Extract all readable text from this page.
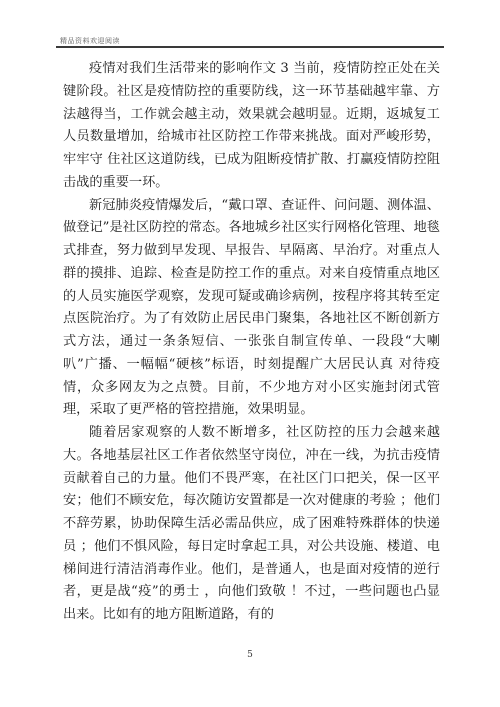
精品资料欢迎阅读

疫情对我们生活带来的影响作文 3 当前，疫情防控正处在关键阶段。社区是疫情防控的重要防线，这一环节基础越牢靠、方法越得当，工作就会越主动，效果就会越明显。近期，返城复工人员数量增加，给城市社区防控工作带来挑战。面对严峻形势，牢牢守 住社区这道防线，已成为阻断疫情扩散、打赢疫情防控阻击战的重要一环。

新冠肺炎疫情爆发后，“戴口罩、查证件、问问题、测体温、做登记”是社区防控的常态。各地城乡社区实行网格化管理、地毯式排查，努力做到早发现、早报告、早隔离、早治疗。对重点人群的摸排、追踪、检查是防控工作的重点。对来自疫情重点地区的人员实施医学观察，发现可疑或确诊病例，按程序将其转至定点医院治疗。为了有效防止居民串门聚集，各地社区不断创新方式方法，通过一条条短信、一张张自制宣传单、一段段“大喇叭”广播、一幅幅“硬核”标语，时刻提醒广大居民认真 对待疫情，众多网友为之点赞。目前，不少地方对小区实施封闭式管理，采取了更严格的管控措施，效果明显。

随着居家观察的人数不断增多，社区防控的压力会越来越大。各地基层社区工作者依然坚守岗位，冲在一线，为抗击疫情贡献着自己的力量。他们不畏严寒，在社区门口把关，保一区平安；他们不顾安危，每次随访安置都是一次对健康的考验 ；他们不辞劳累，协助保障生活必需品供应，成了困难特殊群体的快递员 ；他们不惧风险，每日定时拿起工具，对公共设施、楼道、电梯间进行清洁消毒作业。他们，是普通人，也是面对疫情的逆行者，更是战“疫”的勇士 ，向他们致敬 ！不过，一些问题也凸显出来。比如有的地方阻断道路，有的

5
